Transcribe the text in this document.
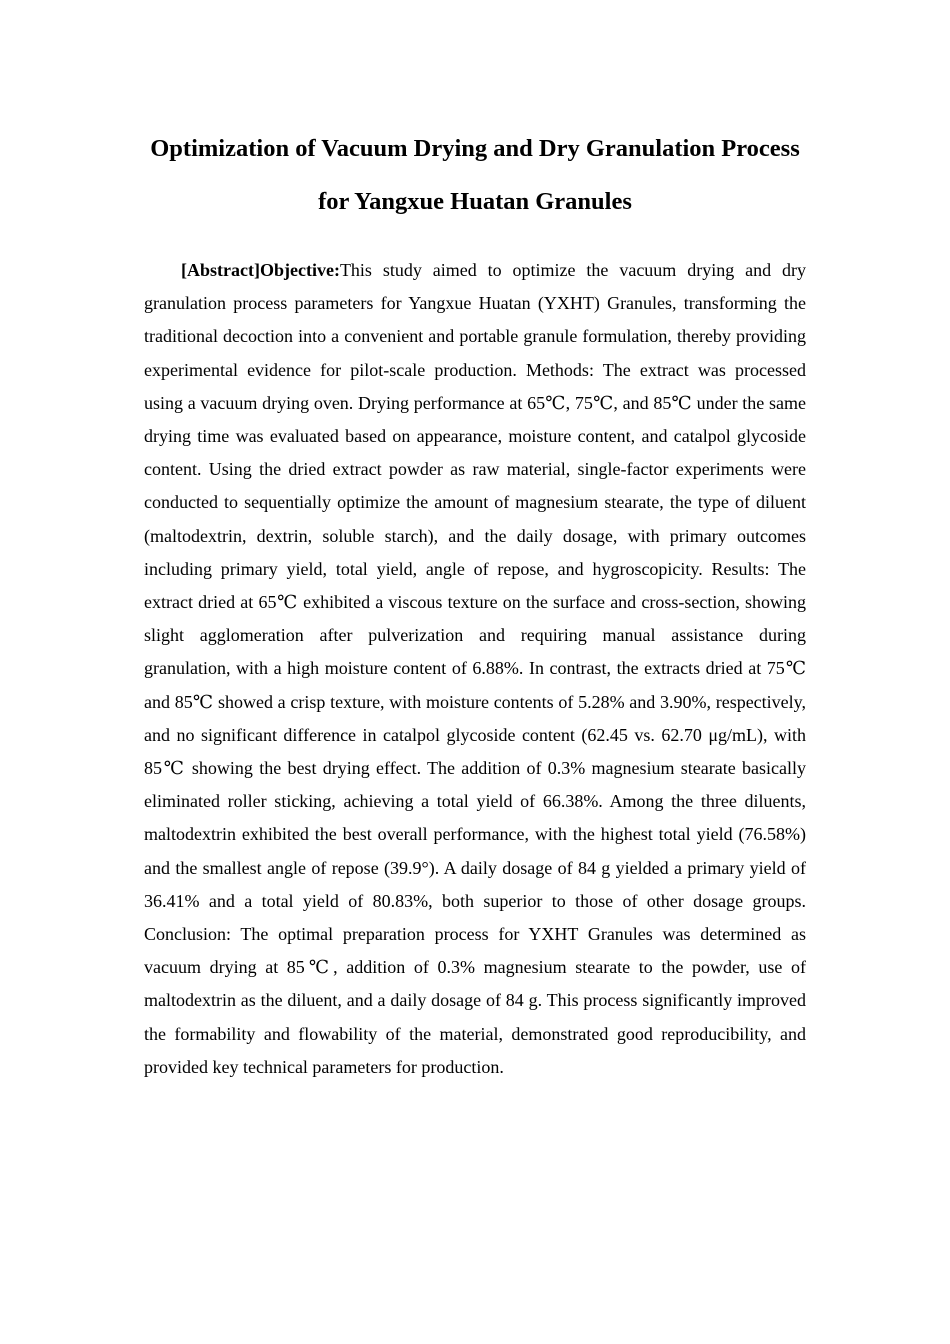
Optimization of Vacuum Drying and Dry Granulation Process for Yangxue Huatan Granules

[Abstract]Objective:This study aimed to optimize the vacuum drying and dry granulation process parameters for Yangxue Huatan (YXHT) Granules, transforming the traditional decoction into a convenient and portable granule formulation, thereby providing experimental evidence for pilot-scale production. Methods: The extract was processed using a vacuum drying oven. Drying performance at 65℃, 75℃, and 85℃ under the same drying time was evaluated based on appearance, moisture content, and catalpol glycoside content. Using the dried extract powder as raw material, single-factor experiments were conducted to sequentially optimize the amount of magnesium stearate, the type of diluent (maltodextrin, dextrin, soluble starch), and the daily dosage, with primary outcomes including primary yield, total yield, angle of repose, and hygroscopicity. Results: The extract dried at 65℃ exhibited a viscous texture on the surface and cross-section, showing slight agglomeration after pulverization and requiring manual assistance during granulation, with a high moisture content of 6.88%. In contrast, the extracts dried at 75℃ and 85℃ showed a crisp texture, with moisture contents of 5.28% and 3.90%, respectively, and no significant difference in catalpol glycoside content (62.45 vs. 62.70 μg/mL), with 85℃ showing the best drying effect. The addition of 0.3% magnesium stearate basically eliminated roller sticking, achieving a total yield of 66.38%. Among the three diluents, maltodextrin exhibited the best overall performance, with the highest total yield (76.58%) and the smallest angle of repose (39.9°). A daily dosage of 84 g yielded a primary yield of 36.41% and a total yield of 80.83%, both superior to those of other dosage groups. Conclusion: The optimal preparation process for YXHT Granules was determined as vacuum drying at 85℃, addition of 0.3% magnesium stearate to the powder, use of maltodextrin as the diluent, and a daily dosage of 84 g. This process significantly improved the formability and flowability of the material, demonstrated good reproducibility, and provided key technical parameters for production.
